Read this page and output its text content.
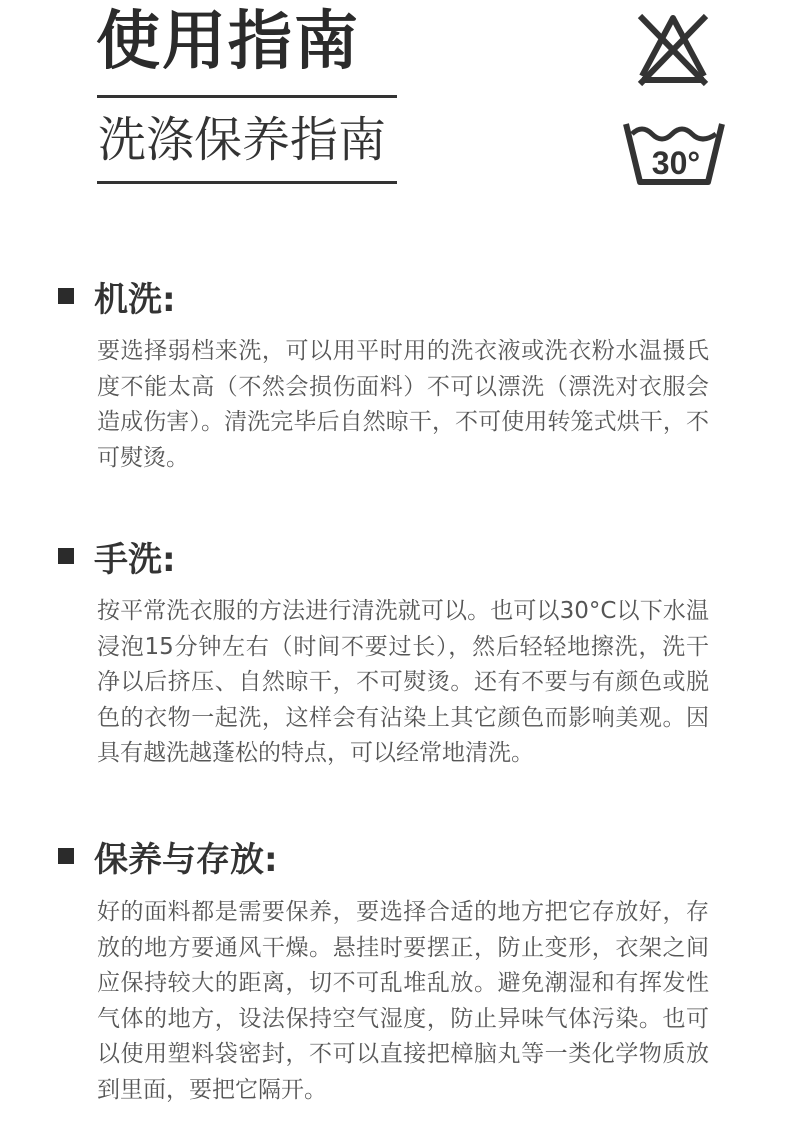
使用指南
洗涤保养指南	30°
机洗:
要选择弱档来洗，可以用平时用的洗衣液或洗衣粉水温摄氏度不能太高（不然会损伤面料）不可以漂洗（漂洗对衣服会造成伤害）。清洗完毕后自然晾干，不可使用转笼式烘干，不可熨烫。
手洗:
按平常洗衣服的方法进行清洗就可以。也可以30°C以下水温浸泡15分钟左右（时间不要过长），然后轻轻地擦洗，洗干净以后挤压、自然晾干，不可熨烫。还有不要与有颜色或脱色的衣物一起洗，这样会有沾染上其它颜色而影响美观。因具有越洗越蓬松的特点，可以经常地清洗。
保养与存放:
好的面料都是需要保养，要选择合适的地方把它存放好，存放的地方要通风干燥。悬挂时要摆正，防止变形，衣架之间应保持较大的距离，切不可乱堆乱放。避免潮湿和有挥发性气体的地方，设法保持空气湿度，防止异味气体污染。也可以使用塑料袋密封，不可以直接把樟脑丸等一类化学物质放到里面，要把它隔开。
